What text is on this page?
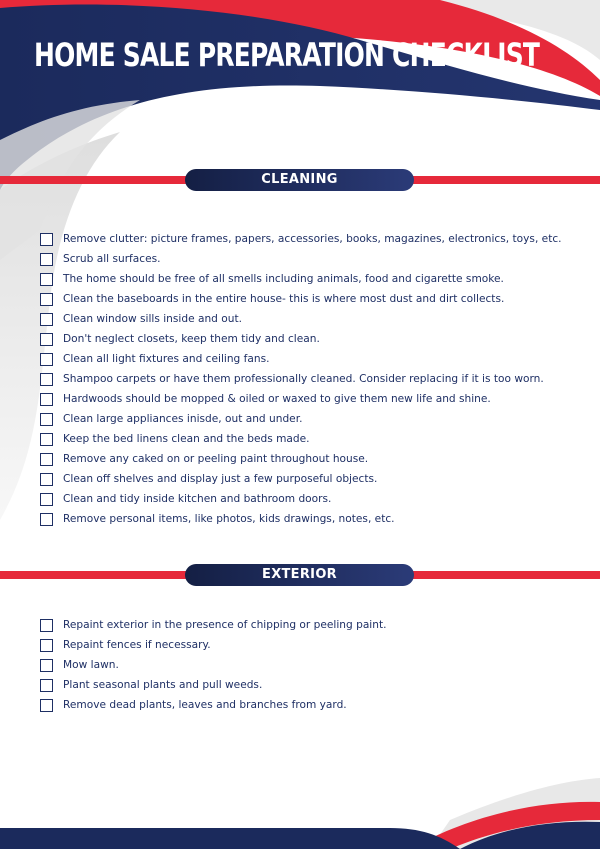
HOME SALE PREPARATION CHECKLIST
CLEANING
Remove clutter: picture frames, papers, accessories, books, magazines, electronics, toys, etc.
Scrub all surfaces.
The home should be free of all smells including animals, food and cigarette smoke.
Clean the baseboards in the entire house- this is where most dust and dirt collects.
Clean window sills inside and out.
Don't neglect closets, keep them tidy and clean.
Clean all light fixtures and ceiling fans.
Shampoo carpets or have them professionally cleaned. Consider replacing if it is too worn.
Hardwoods should be mopped & oiled or waxed to give them new life and shine.
Clean large appliances inisde, out and under.
Keep the bed linens clean and the beds made.
Remove any caked on or peeling paint throughout house.
Clean off shelves and display just a few purposeful objects.
Clean and tidy inside kitchen and bathroom doors.
Remove personal items, like photos, kids drawings, notes, etc.
EXTERIOR
Repaint exterior in the presence of chipping or peeling paint.
Repaint fences if necessary.
Mow lawn.
Plant seasonal plants and pull weeds.
Remove dead plants, leaves and branches from yard.
